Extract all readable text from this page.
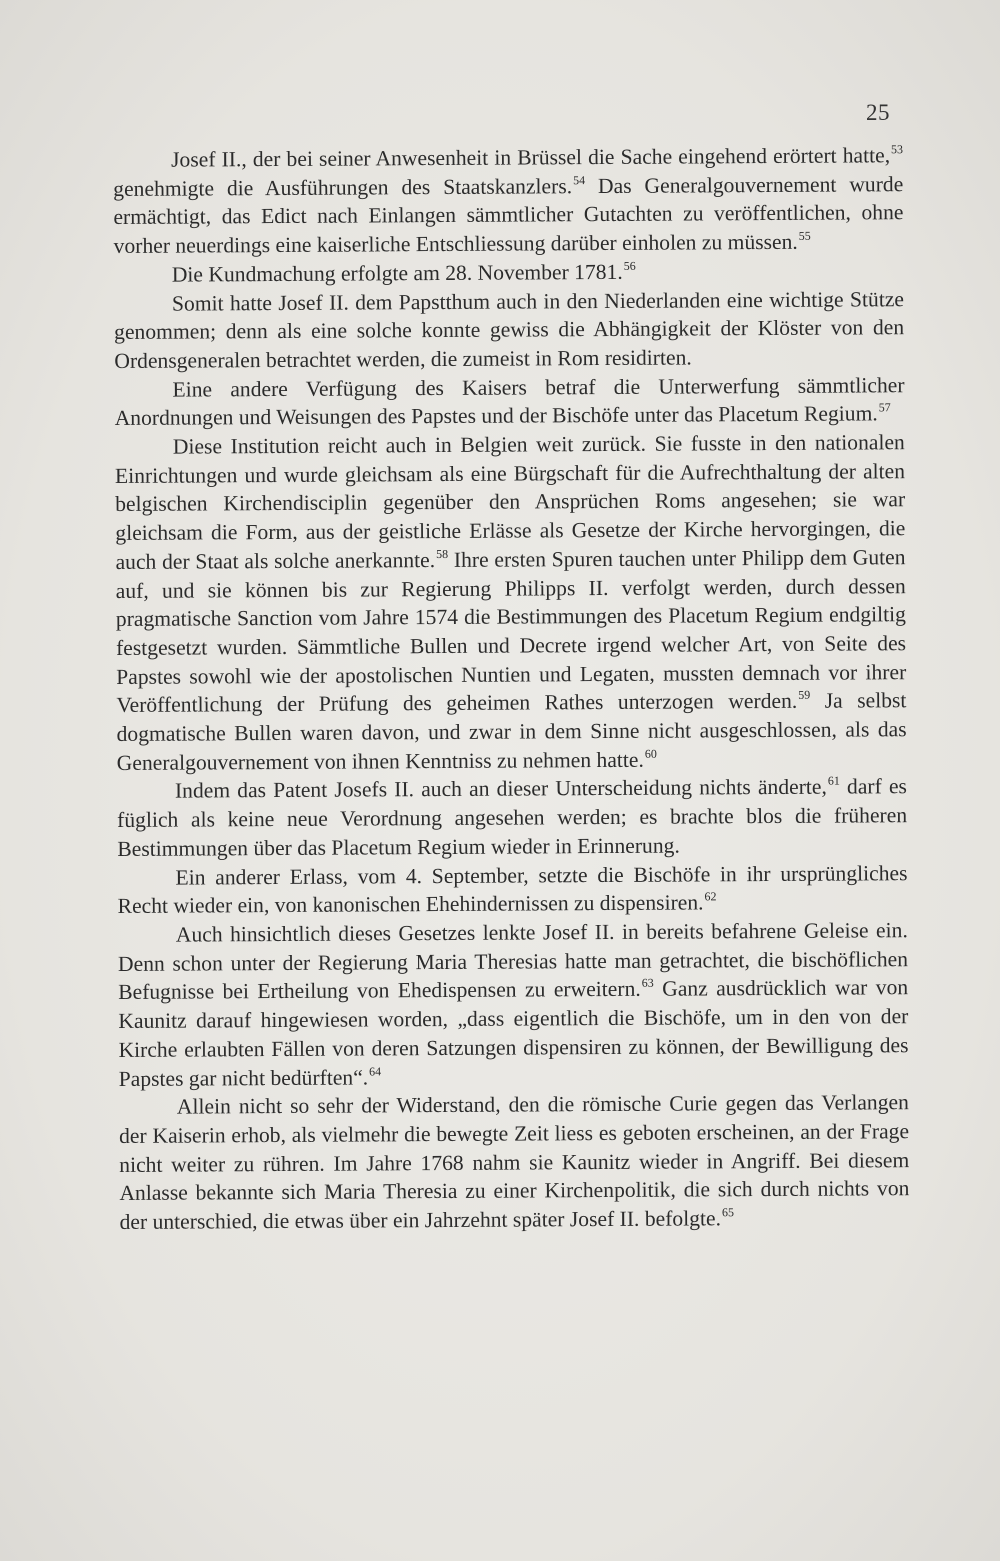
25

Josef II., der bei seiner Anwesenheit in Brüssel die Sache eingehend erörtert hatte,$^{53}$ genehmigte die Ausführungen des Staatskanzlers.$^{54}$ Das Generalgouvernement wurde ermächtigt, das Edict nach Einlangen sämmtlicher Gutachten zu veröffentlichen, ohne vorher neuerdings eine kaiserliche Entschliessung darüber einholen zu müssen.$^{55}$

Die Kundmachung erfolgte am 28. November 1781.56

Somit hatte Josef II. dem Papstthum auch in den Niederlanden eine wichtige Stütze genommen; denn als eine solche konnte gewiss die Abhängigkeit der Klöster von den Ordensgeneralen betrachtet werden, die zumeist in Rom residirten.

Eine andere Verfügung des Kaisers betraf die Unterwerfung sämmtlicher Anordnungen und Weisungen des Papstes und der Bischöfe unter das Placetum Regium.$^{57}$

Diese Institution reicht auch in Belgien weit zurück. Sie fusste in den nationalen Einrichtungen und wurde gleichsam als eine Bürgschaft für die Aufrechthaltung der alten belgischen Kirchendisciplin gegenüber den Ansprüchen Roms angesehen; sie war gleichsam die Form, aus der geistliche Erlässe als Gesetze der Kirche hervorgingen, die auch der Staat als solche anerkannte.$^{58}$ Ihre ersten Spuren tauchen unter Philipp dem Guten auf, und sie können bis zur Regierung Philipps II. verfolgt werden, durch dessen pragmatische Sanction vom Jahre 1574 die Bestimmungen des Placetum Regium endgiltig festgesetzt wurden. Sämmtliche Bullen und Decrete irgend welcher Art, von Seite des Papstes sowohl wie der apostolischen Nuntien und Legaten, mussten demnach vor ihrer Veröffentlichung der Prüfung des geheimen Rathes unterzogen werden.$^{59}$ Ja selbst dogmatische Bullen waren davon, und zwar in dem Sinne nicht ausgeschlossen, als das Generalgouvernement von ihnen Kenntniss zu nehmen hatte.$^{60}$

Indem das Patent Josefs II. auch an dieser Unterscheidung nichts änderte,$^{61}$ darf es füglich als keine neue Verordnung angesehen werden; es brachte blos die früheren Bestimmungen über das Placetum Regium wieder in Erinnerung.

Ein anderer Erlass, vom 4. September, setzte die Bischöfe in ihr ursprüngliches Recht wieder ein, von kanonischen Ehehindernissen zu dispensiren.$^{62}$

Auch hinsichtlich dieses Gesetzes lenkte Josef II. in bereits befahrene Geleise ein. Denn schon unter der Regierung Maria Theresias hatte man getrachtet, die bischöflichen Befugnisse bei Ertheilung von Ehedispensen zu erweitern.$^{63}$ Ganz ausdrücklich war von Kaunitz darauf hingewiesen worden, „dass eigentlich die Bischöfe, um in den von der Kirche erlaubten Fällen von deren Satzungen dispensiren zu können, der Bewilligung des Papstes gar nicht bedürften“.$^{64}$

Allein nicht so sehr der Widerstand, den die römische Curie gegen das Verlangen der Kaiserin erhob, als vielmehr die bewegte Zeit liess es geboten erscheinen, an der Frage nicht weiter zu rühren. Im Jahre 1768 nahm sie Kaunitz wieder in Angriff. Bei diesem Anlasse bekannte sich Maria Theresia zu einer Kirchenpolitik, die sich durch nichts von der unterschied, die etwas über ein Jahrzehnt später Josef II. befolgte.$^{65}$
